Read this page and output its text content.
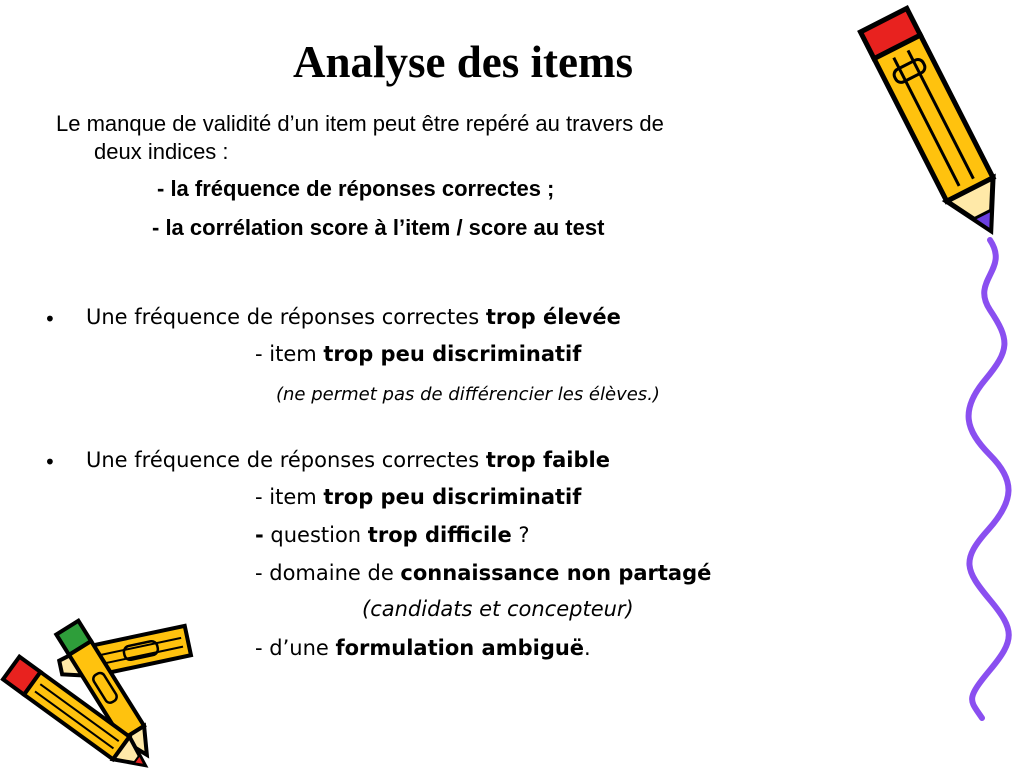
Analyse des items
Le manque de validité d’un item peut être repéré au travers de
deux indices :
- la fréquence de réponses correctes ;
- la corrélation score à l’item / score au test
• Une fréquence de réponses correctes trop élevée
- item trop peu discriminatif
(ne permet pas de différencier les élèves.)
• Une fréquence de réponses correctes trop faible
- item trop peu discriminatif
- question trop difficile ?
- domaine de connaissance non partagé
(candidats et concepteur)
- d’une formulation ambiguë.
